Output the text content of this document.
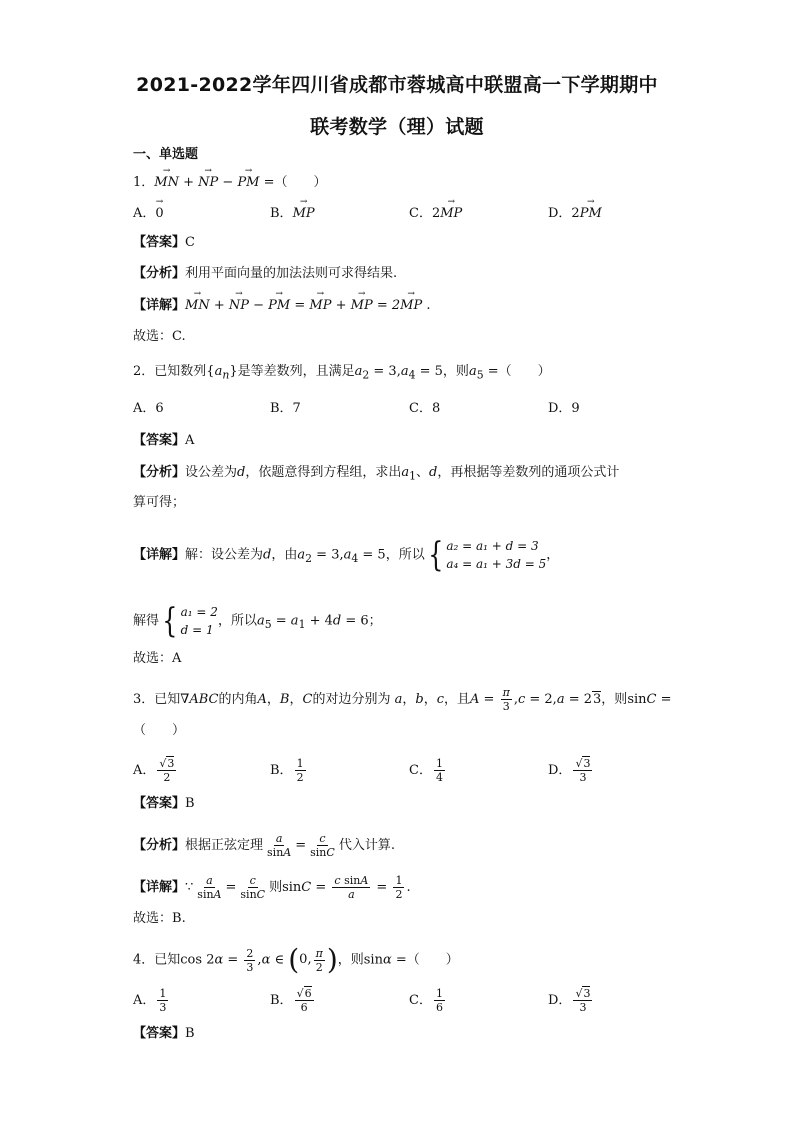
2021-2022学年四川省成都市蓉城高中联盟高一下学期期中
联考数学（理）试题
一、单选题
1．→ MN + → NP − → PM =（　　）
A．→ 0	B．→ MP	C．2→ MP	D．2→ PM
【答案】C
【分析】利用平面向量的加法法则可求得结果.
【详解】→ MN + → NP − → PM = → MP + → MP = 2→ MP .
故选：C.
2．已知数列$\{a_n\}$是等差数列，且满足$a_2 = 3,a_4 = 5$，则$a_5$ =（　　）
A．6	B．7	C．8	D．9
【答案】A
【分析】设公差为d，依题意得到方程组，求出$a_1$、d，再根据等差数列的通项公式计
算可得；
【详解】解：设公差为d，由$a_2 = 3,a_4 = 5$，所以 { a₂ = a₁ + d = 3
a₄ = a₁ + 3d = 5
，
解得 { a₁ = 2
d = 1
，所以$a_5 = a_1 + 4d = 6$；
故选：A
3．已知∇ABC的内角A，B，C的对边分别为 a，b，c，且$A = \frac{\pi}{3} ,c = 2,a = 23$，则sinC =
（　　）
A． $\frac{√3}{2}$	B． $\frac{1}{2}$	C． $\frac{1}{4}$	D． $\frac{√3}{3}$
【答案】B
【分析】根据正弦定理 $\frac{a}{\sin A} = \frac{c}{\sin C}$ 代入计算.
【详解】∵ $\frac{a}{\sin A} = \frac{c}{\sin C}$ 则$\sin C = \frac{\text{c sinA}}{a} = \frac{1}{2}$ .
故选：B.
4．已知$\cos 2\alpha = \frac{2}{3} ,\alpha$ ∈ ( 0, $\frac{\pi}{2}$ ) ，则sinα =（　　）
A． $\frac{1}{3}$	B． $\frac{√6}{6}$	C． $\frac{1}{6}$	D． $\frac{√3}{3}$
【答案】B
